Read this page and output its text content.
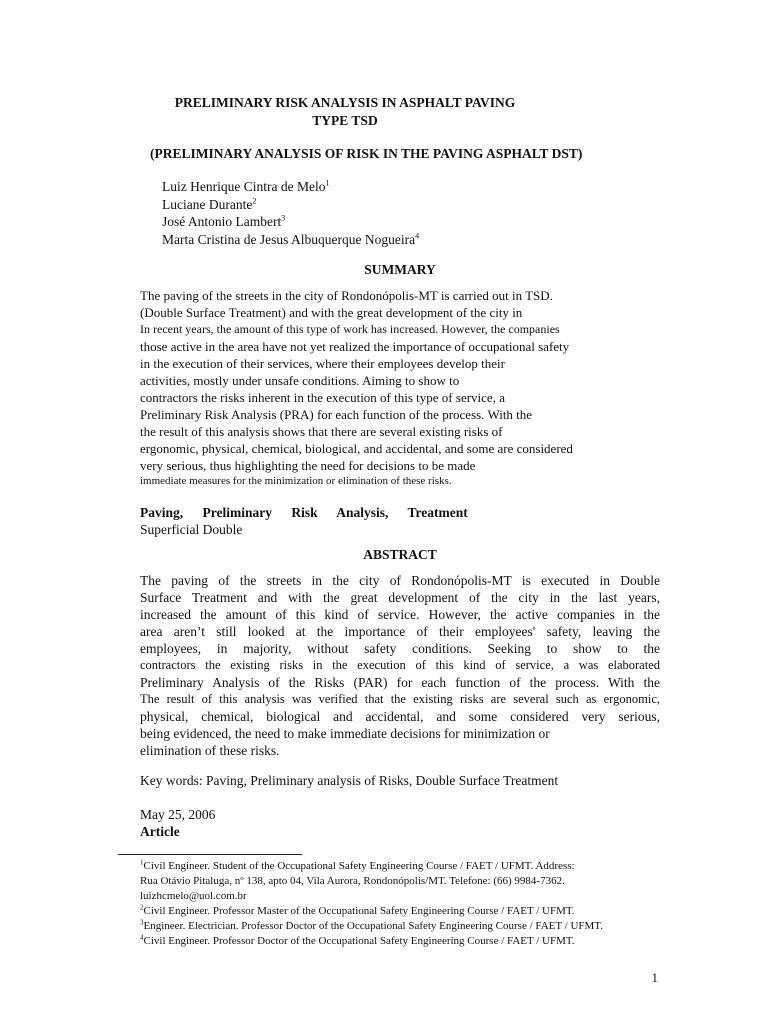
PRELIMINARY RISK ANALYSIS IN ASPHALT PAVING
TYPE TSD
(PRELIMINARY ANALYSIS OF RISK IN THE PAVING ASPHALT DST)
Luiz Henrique Cintra de Melo$^1$
Luciane Durante$^2$
José Antonio Lambert$^3$
Marta Cristina de Jesus Albuquerque Nogueira$^4$
SUMMARY
The paving of the streets in the city of Rondonópolis-MT is carried out in TSD.
(Double Surface Treatment) and with the great development of the city in
In recent years, the amount of this type of work has increased. However, the companies
those active in the area have not yet realized the importance of occupational safety
in the execution of their services, where their employees develop their
activities, mostly under unsafe conditions. Aiming to show to
contractors the risks inherent in the execution of this type of service, a
Preliminary Risk Analysis (PRA) for each function of the process. With the
the result of this analysis shows that there are several existing risks of
ergonomic, physical, chemical, biological, and accidental, and some are considered
very serious, thus highlighting the need for decisions to be made
immediate measures for the minimization or elimination of these risks.
Paving, Preliminary Risk Analysis, Treatment
Superficial Double
ABSTRACT
The paving of the streets in the city of Rondonópolis-MT is executed in Double
Surface Treatment and with the great development of the city in the last years,
increased the amount of this kind of service. However, the active companies in the
area aren’t still looked at the importance of their employees' safety, leaving the
employees, in majority, without safety conditions. Seeking to show to the
contractors the existing risks in the execution of this kind of service, a was elaborated
Preliminary Analysis of the Risks (PAR) for each function of the process. With the
The result of this analysis was verified that the existing risks are several such as ergonomic,
physical, chemical, biological and accidental, and some considered very serious,
being evidenced, the need to make immediate decisions for minimization or
elimination of these risks.
Key words: Paving, Preliminary analysis of Risks, Double Surface Treatment
May 25, 2006
Article
$^1$Civil Engineer. Student of the Occupational Safety Engineering Course / FAET / UFMT. Address:
Rua Otávio Pitaluga, nº 138, apto 04, Vila Aurora, Rondonópolis/MT. Telefone: (66) 9984-7362.
luizhcmelo@uol.com.br
$^2$Civil Engineer. Professor Master of the Occupational Safety Engineering Course / FAET / UFMT.
$^3$Engineer. Electrician. Professor Doctor of the Occupational Safety Engineering Course / FAET / UFMT.
$^4$Civil Engineer. Professor Doctor of the Occupational Safety Engineering Course / FAET / UFMT.
1
